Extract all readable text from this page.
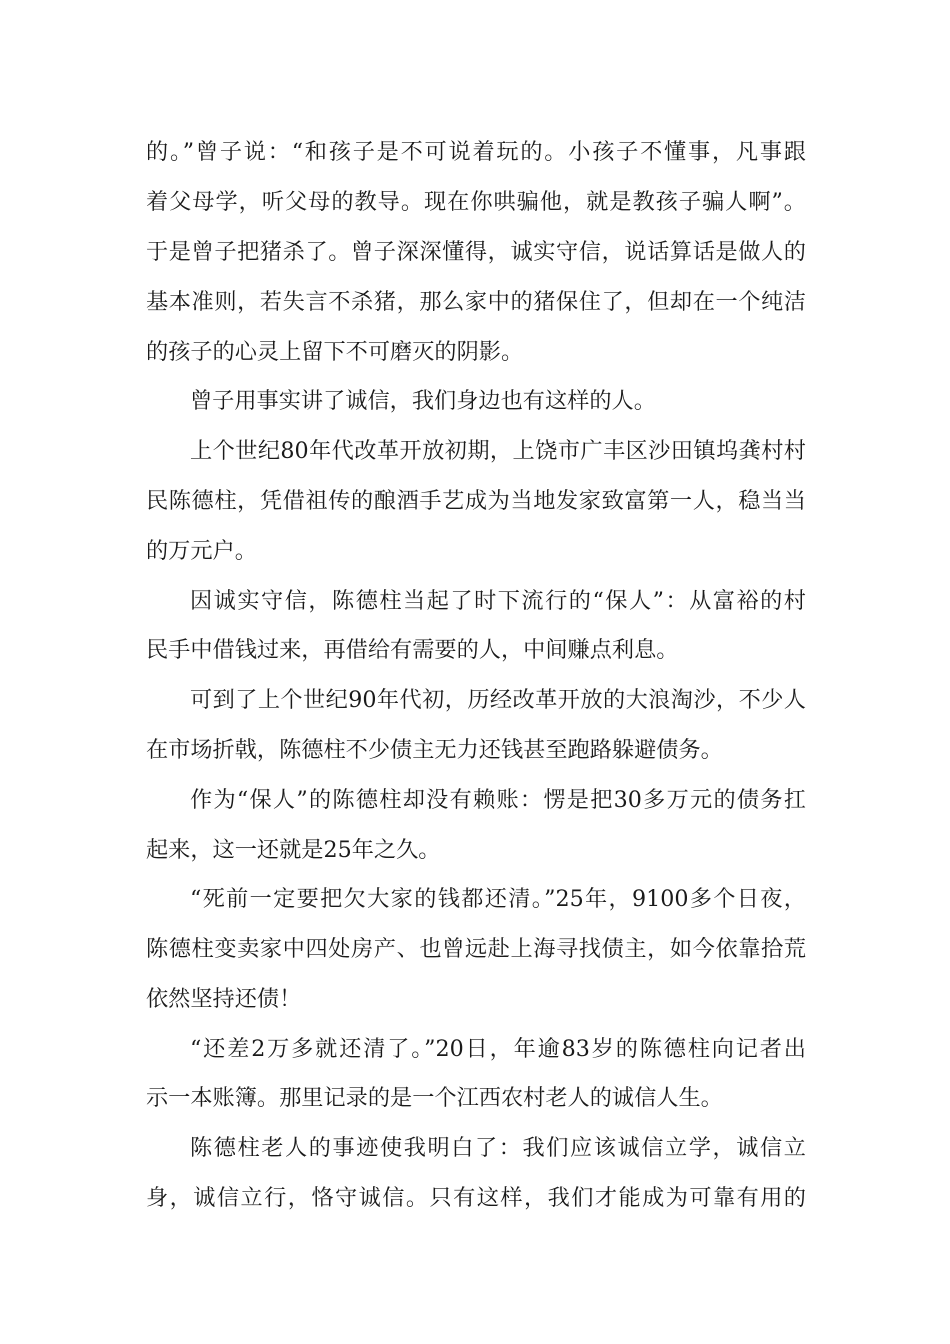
的。”曾子说：“和孩子是不可说着玩的。小孩子不懂事，凡事跟
着父母学，听父母的教导。现在你哄骗他，就是教孩子骗人啊”。
于是曾子把猪杀了。曾子深深懂得，诚实守信，说话算话是做人的
基本准则，若失言不杀猪，那么家中的猪保住了，但却在一个纯洁
的孩子的心灵上留下不可磨灭的阴影。
曾子用事实讲了诚信，我们身边也有这样的人。
上个世纪80年代改革开放初期，上饶市广丰区沙田镇坞龚村村
民陈德柱，凭借祖传的酿酒手艺成为当地发家致富第一人，稳当当
的万元户。
因诚实守信，陈德柱当起了时下流行的“保人”：从富裕的村
民手中借钱过来，再借给有需要的人，中间赚点利息。
可到了上个世纪90年代初，历经改革开放的大浪淘沙，不少人
在市场折戟，陈德柱不少债主无力还钱甚至跑路躲避债务。
作为“保人”的陈德柱却没有赖账：愣是把30多万元的债务扛
起来，这一还就是25年之久。
“死前一定要把欠大家的钱都还清。”25年，9100多个日夜，
陈德柱变卖家中四处房产、也曾远赴上海寻找债主，如今依靠拾荒
依然坚持还债！
“还差2万多就还清了。”20日，年逾83岁的陈德柱向记者出
示一本账簿。那里记录的是一个江西农村老人的诚信人生。
陈德柱老人的事迹使我明白了：我们应该诚信立学，诚信立
身，诚信立行，恪守诚信。只有这样，我们才能成为可靠有用的
